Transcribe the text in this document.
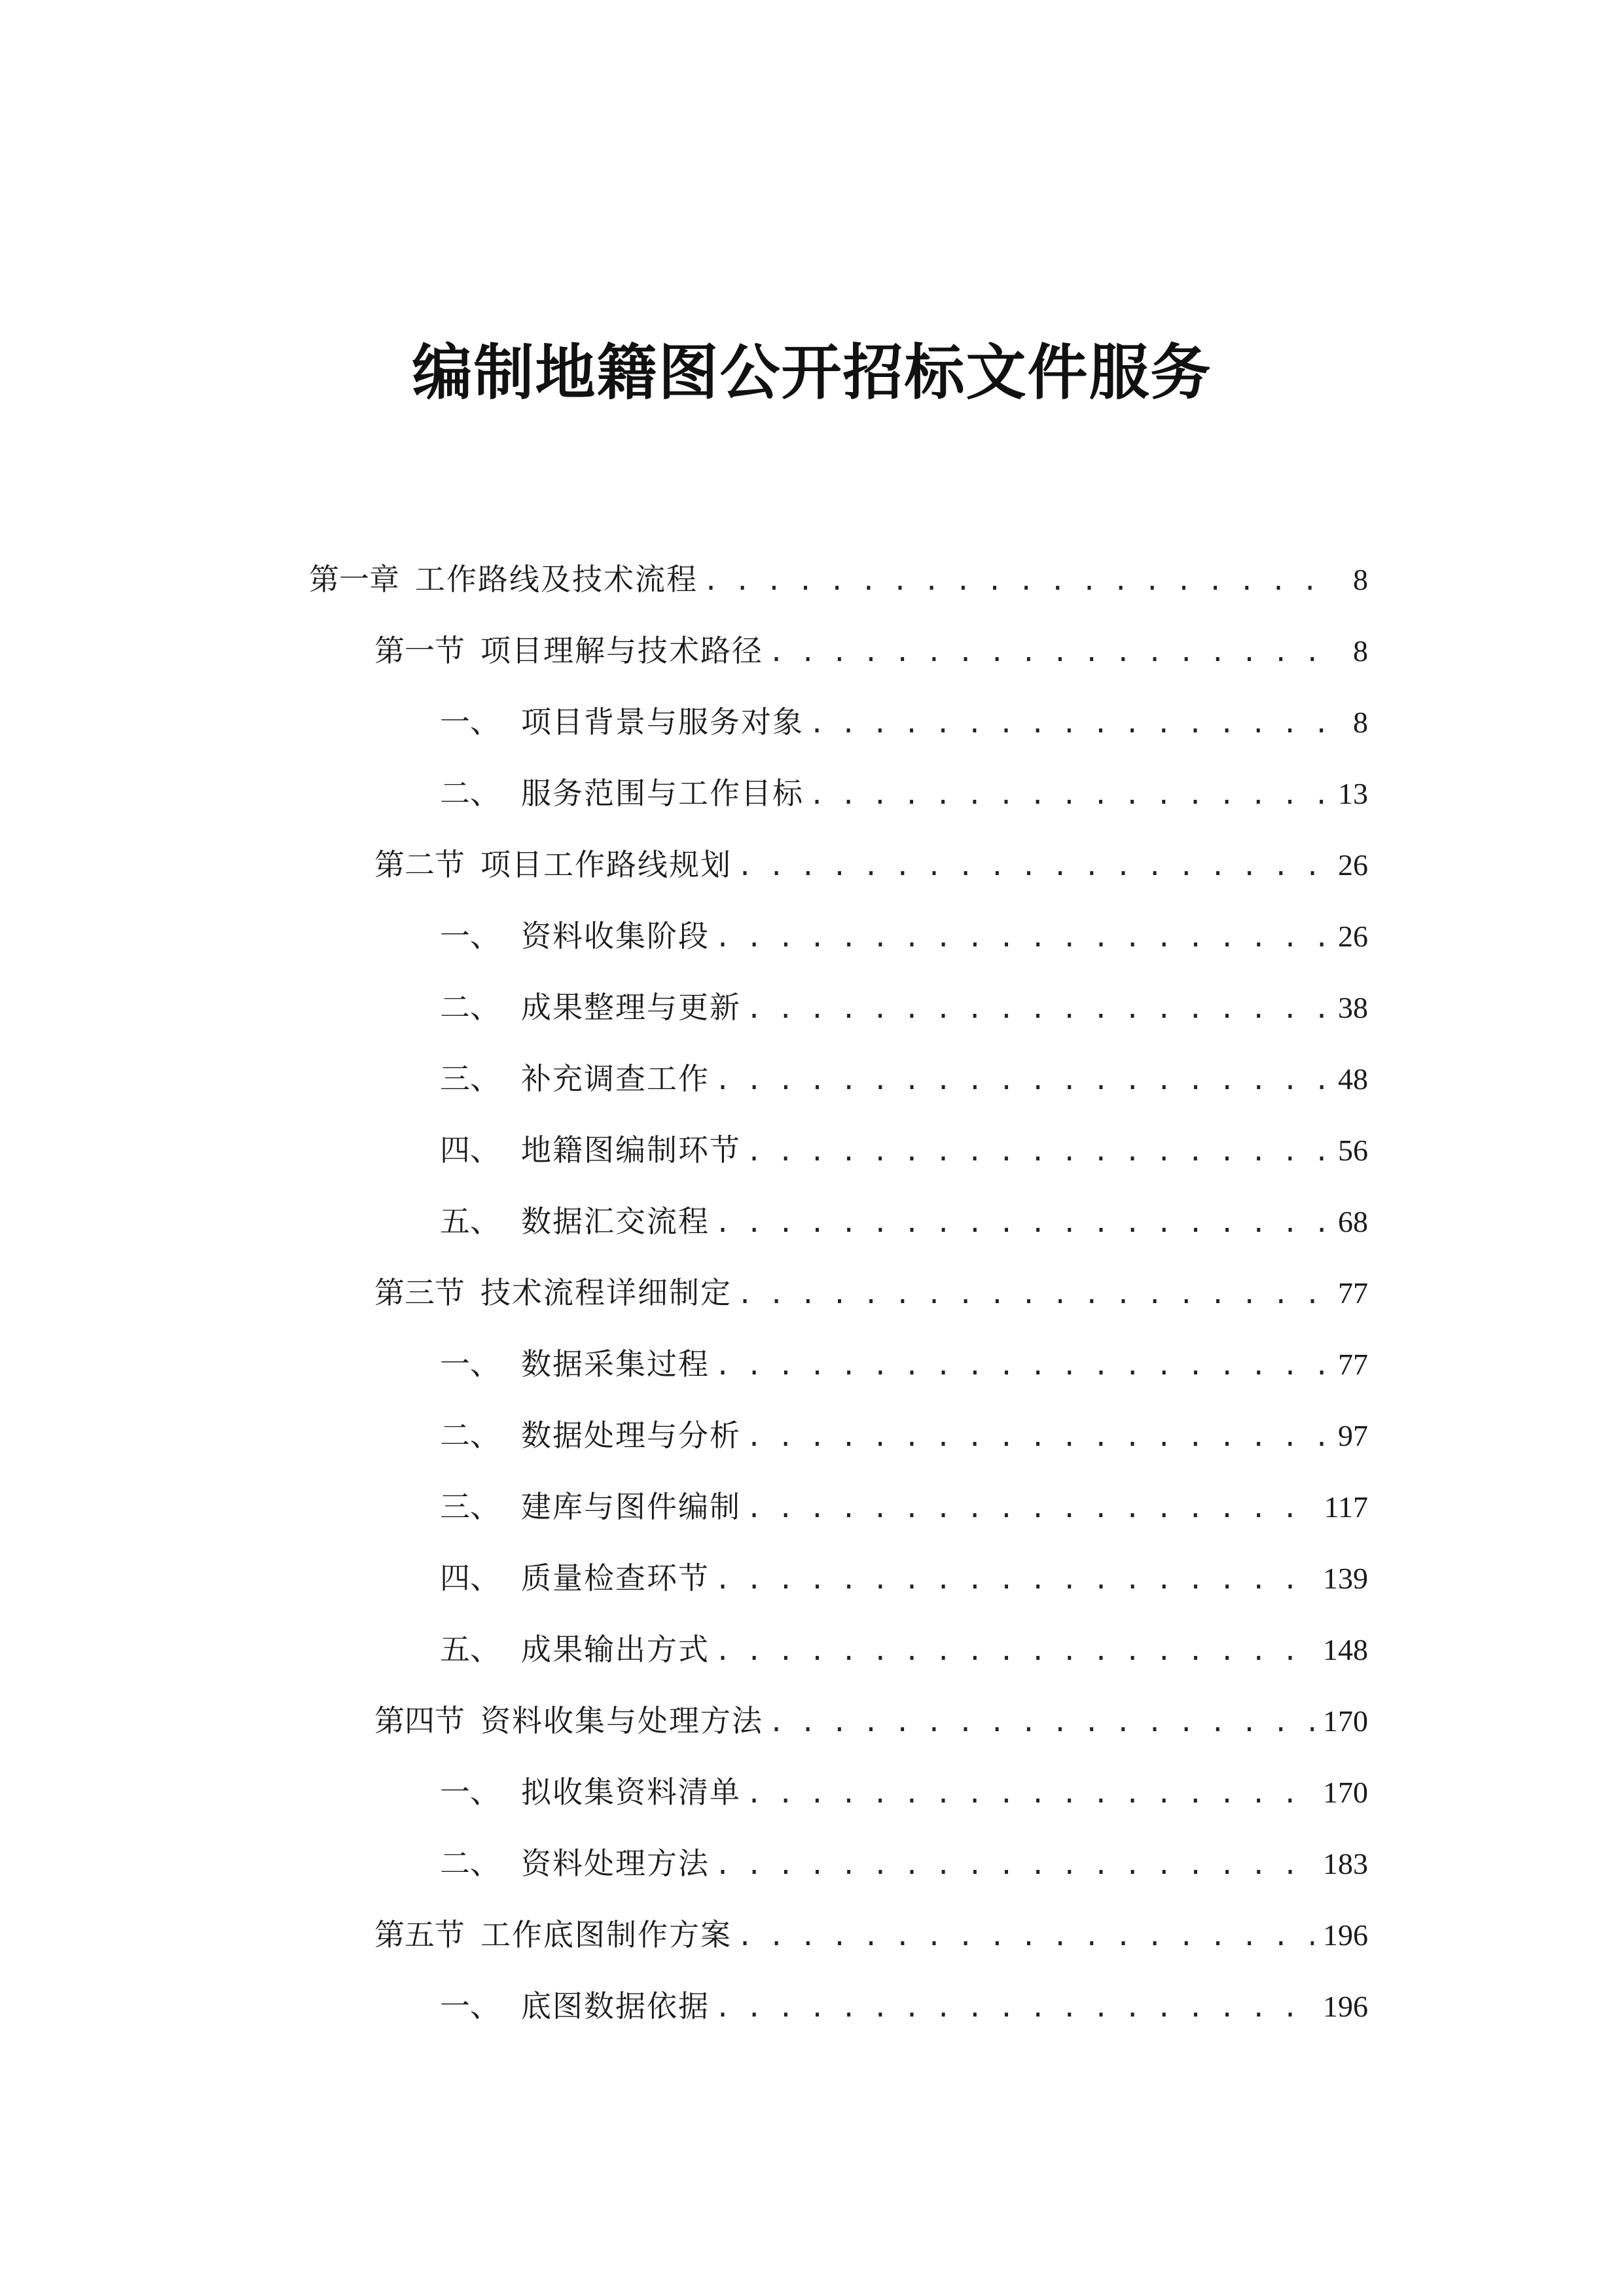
编制地籍图公开招标文件服务
第一章 工作路线及技术流程 . . .	8
第一节 项目理解与技术路径 . . .	8
一、 项目背景与服务对象 . . .	8
二、 服务范围与工作目标 . . .	13
第二节 项目工作路线规划 . . .	26
一、 资料收集阶段 . . .	26
二、 成果整理与更新 . . .	38
三、 补充调查工作 . . .	48
四、 地籍图编制环节 . . .	56
五、 数据汇交流程 . . .	68
第三节 技术流程详细制定 . . .	77
一、 数据采集过程 . . .	77
二、 数据处理与分析 . . .	97
三、 建库与图件编制 . . .	117
四、 质量检查环节 . . .	139
五、 成果输出方式 . . .	148
第四节 资料收集与处理方法 . . .	170
一、 拟收集资料清单 . . .	170
二、 资料处理方法 . . .	183
第五节 工作底图制作方案 . . .	196
一、 底图数据依据 . . .	196
